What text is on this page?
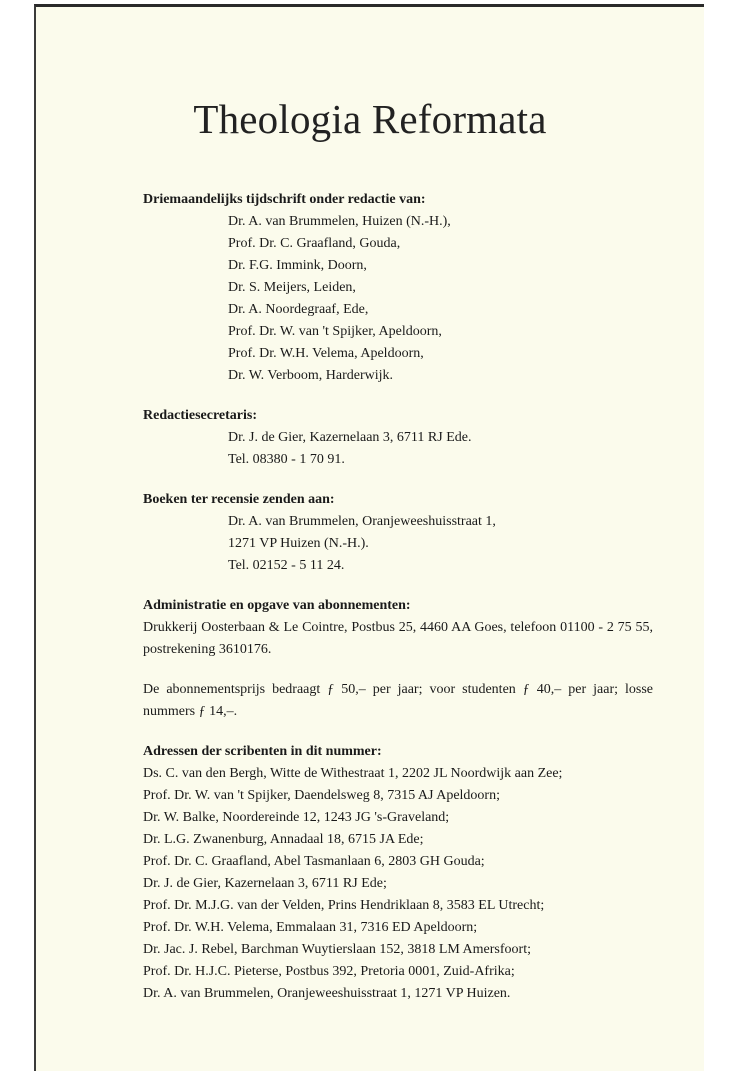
Theologia Reformata

Driemaandelijks tijdschrift onder redactie van:

Dr. A. van Brummelen, Huizen (N.-H.),

Prof. Dr. C. Graafland, Gouda,

Dr. F.G. Immink, Doorn,

Dr. S. Meijers, Leiden,

Dr. A. Noordegraaf, Ede,

Prof. Dr. W. van 't Spijker, Apeldoorn,

Prof. Dr. W.H. Velema, Apeldoorn,

Dr. W. Verboom, Harderwijk.

Redactiesecretaris:

Dr. J. de Gier, Kazernelaan 3, 6711 RJ Ede.

Tel. 08380 - 1 70 91.

Boeken ter recensie zenden aan:

Dr. A. van Brummelen, Oranjeweeshuisstraat 1,

1271 VP Huizen (N.-H.).

Tel. 02152 - 5 11 24.

Administratie en opgave van abonnementen:

Drukkerij Oosterbaan & Le Cointre, Postbus 25, 4460 AA Goes, telefoon 01100 - 2 75 55, postrekening 3610176.

De abonnementsprijs bedraagt ƒ 50,– per jaar; voor studenten ƒ 40,– per jaar; losse nummers ƒ 14,–.

Adressen der scribenten in dit nummer:

Ds. C. van den Bergh, Witte de Withestraat 1, 2202 JL Noordwijk aan Zee;

Prof. Dr. W. van 't Spijker, Daendelsweg 8, 7315 AJ Apeldoorn;

Dr. W. Balke, Noordereinde 12, 1243 JG 's-Graveland;

Dr. L.G. Zwanenburg, Annadaal 18, 6715 JA Ede;

Prof. Dr. C. Graafland, Abel Tasmanlaan 6, 2803 GH Gouda;

Dr. J. de Gier, Kazernelaan 3, 6711 RJ Ede;

Prof. Dr. M.J.G. van der Velden, Prins Hendriklaan 8, 3583 EL Utrecht;

Prof. Dr. W.H. Velema, Emmalaan 31, 7316 ED Apeldoorn;

Dr. Jac. J. Rebel, Barchman Wuytierslaan 152, 3818 LM Amersfoort;

Prof. Dr. H.J.C. Pieterse, Postbus 392, Pretoria 0001, Zuid-Afrika;

Dr. A. van Brummelen, Oranjeweeshuisstraat 1, 1271 VP Huizen.
